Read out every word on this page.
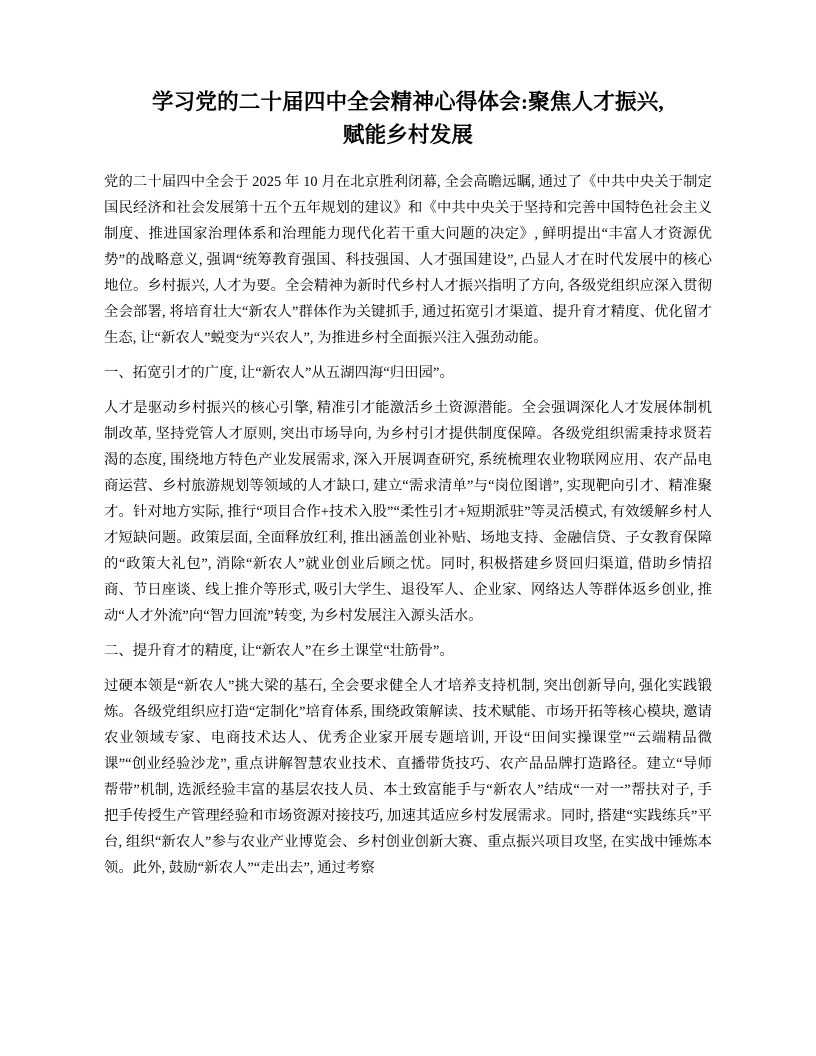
学习党的二十届四中全会精神心得体会:聚焦人才振兴,
赋能乡村发展

党的二十届四中全会于 2025 年 10 月在北京胜利闭幕, 全会高瞻远瞩, 通过了《中共中央关于制定国民经济和社会发展第十五个五年规划的建议》和《中共中央关于坚持和完善中国特色社会主义制度、推进国家治理体系和治理能力现代化若干重大问题的决定》, 鲜明提出“丰富人才资源优势”的战略意义, 强调“统筹教育强国、科技强国、人才强国建设”, 凸显人才在时代发展中的核心地位。乡村振兴, 人才为要。全会精神为新时代乡村人才振兴指明了方向, 各级党组织应深入贯彻全会部署, 将培育壮大“新农人”群体作为关键抓手, 通过拓宽引才渠道、提升育才精度、优化留才生态, 让“新农人”蜕变为“兴农人”, 为推进乡村全面振兴注入强劲动能。

一、拓宽引才的广度, 让“新农人”从五湖四海“归田园”。

人才是驱动乡村振兴的核心引擎, 精准引才能激活乡土资源潜能。全会强调深化人才发展体制机制改革, 坚持党管人才原则, 突出市场导向, 为乡村引才提供制度保障。各级党组织需秉持求贤若渴的态度, 围绕地方特色产业发展需求, 深入开展调查研究, 系统梳理农业物联网应用、农产品电商运营、乡村旅游规划等领域的人才缺口, 建立“需求清单”与“岗位图谱”, 实现靶向引才、精准聚才。针对地方实际, 推行“项目合作+技术入股”“柔性引才+短期派驻”等灵活模式, 有效缓解乡村人才短缺问题。政策层面, 全面释放红利, 推出涵盖创业补贴、场地支持、金融信贷、子女教育保障的“政策大礼包”, 消除“新农人”就业创业后顾之忧。同时, 积极搭建乡贤回归渠道, 借助乡情招商、节日座谈、线上推介等形式, 吸引大学生、退役军人、企业家、网络达人等群体返乡创业, 推动“人才外流”向“智力回流”转变, 为乡村发展注入源头活水。

二、提升育才的精度, 让“新农人”在乡土课堂“壮筋骨”。

过硬本领是“新农人”挑大梁的基石, 全会要求健全人才培养支持机制, 突出创新导向, 强化实践锻炼。各级党组织应打造“定制化”培育体系, 围绕政策解读、技术赋能、市场开拓等核心模块, 邀请农业领域专家、电商技术达人、优秀企业家开展专题培训, 开设“田间实操课堂”“云端精品微课”“创业经验沙龙”, 重点讲解智慧农业技术、直播带货技巧、农产品品牌打造路径。建立“导师帮带”机制, 选派经验丰富的基层农技人员、本土致富能手与“新农人”结成“一对一”帮扶对子, 手把手传授生产管理经验和市场资源对接技巧, 加速其适应乡村发展需求。同时, 搭建“实践练兵”平台, 组织“新农人”参与农业产业博览会、乡村创业创新大赛、重点振兴项目攻坚, 在实战中锤炼本领。此外, 鼓励“新农人”“走出去”, 通过考察
